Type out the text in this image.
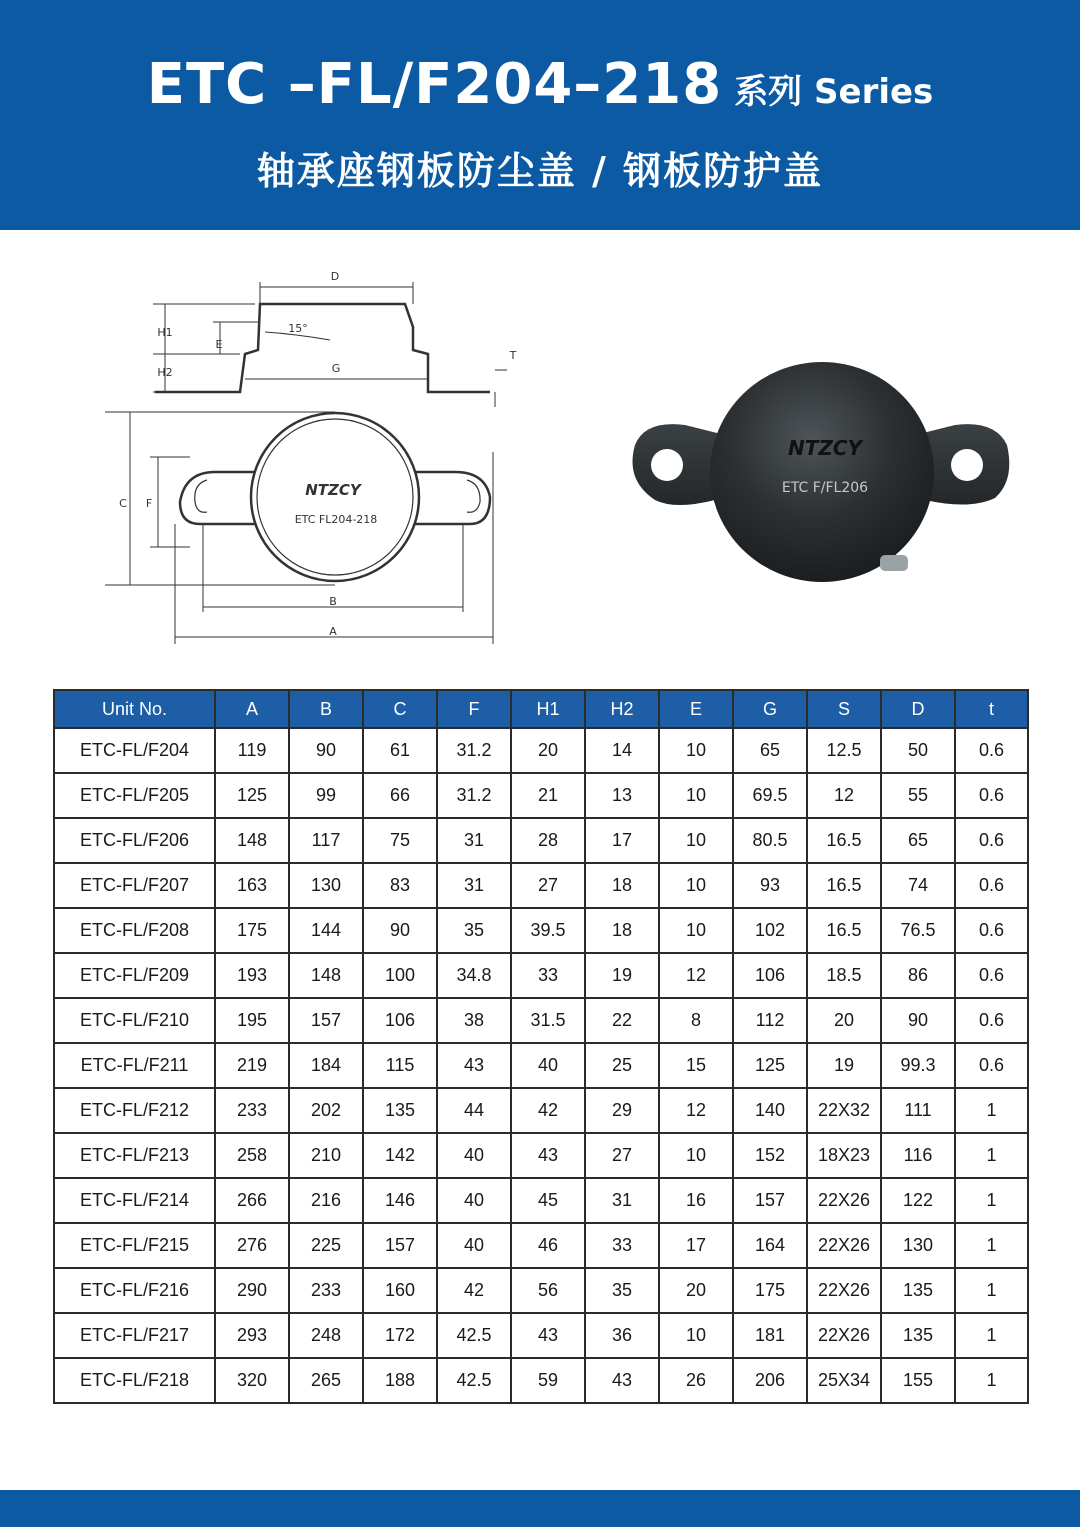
ETC –FL/F204–218 系列 Series
轴承座钢板防尘盖 / 钢板防护盖
D
H1
E
H2
15°
G
T
C F
B
A
NTZCY
ETC FL204-218
NTZCY
ETC F/FL206
Unit No.	A	B	C	F	H1	H2	E	G	S	D	t
ETC-FL/F204	119	90	61	31.2	20	14	10	65	12.5	50	0.6
ETC-FL/F205	125	99	66	31.2	21	13	10	69.5	12	55	0.6
ETC-FL/F206	148	117	75	31	28	17	10	80.5	16.5	65	0.6
ETC-FL/F207	163	130	83	31	27	18	10	93	16.5	74	0.6
ETC-FL/F208	175	144	90	35	39.5	18	10	102	16.5	76.5	0.6
ETC-FL/F209	193	148	100	34.8	33	19	12	106	18.5	86	0.6
ETC-FL/F210	195	157	106	38	31.5	22	8	112	20	90	0.6
ETC-FL/F211	219	184	115	43	40	25	15	125	19	99.3	0.6
ETC-FL/F212	233	202	135	44	42	29	12	140	22X32	111	1
ETC-FL/F213	258	210	142	40	43	27	10	152	18X23	116	1
ETC-FL/F214	266	216	146	40	45	31	16	157	22X26	122	1
ETC-FL/F215	276	225	157	40	46	33	17	164	22X26	130	1
ETC-FL/F216	290	233	160	42	56	35	20	175	22X26	135	1
ETC-FL/F217	293	248	172	42.5	43	36	10	181	22X26	135	1
ETC-FL/F218	320	265	188	42.5	59	43	26	206	25X34	155	1
